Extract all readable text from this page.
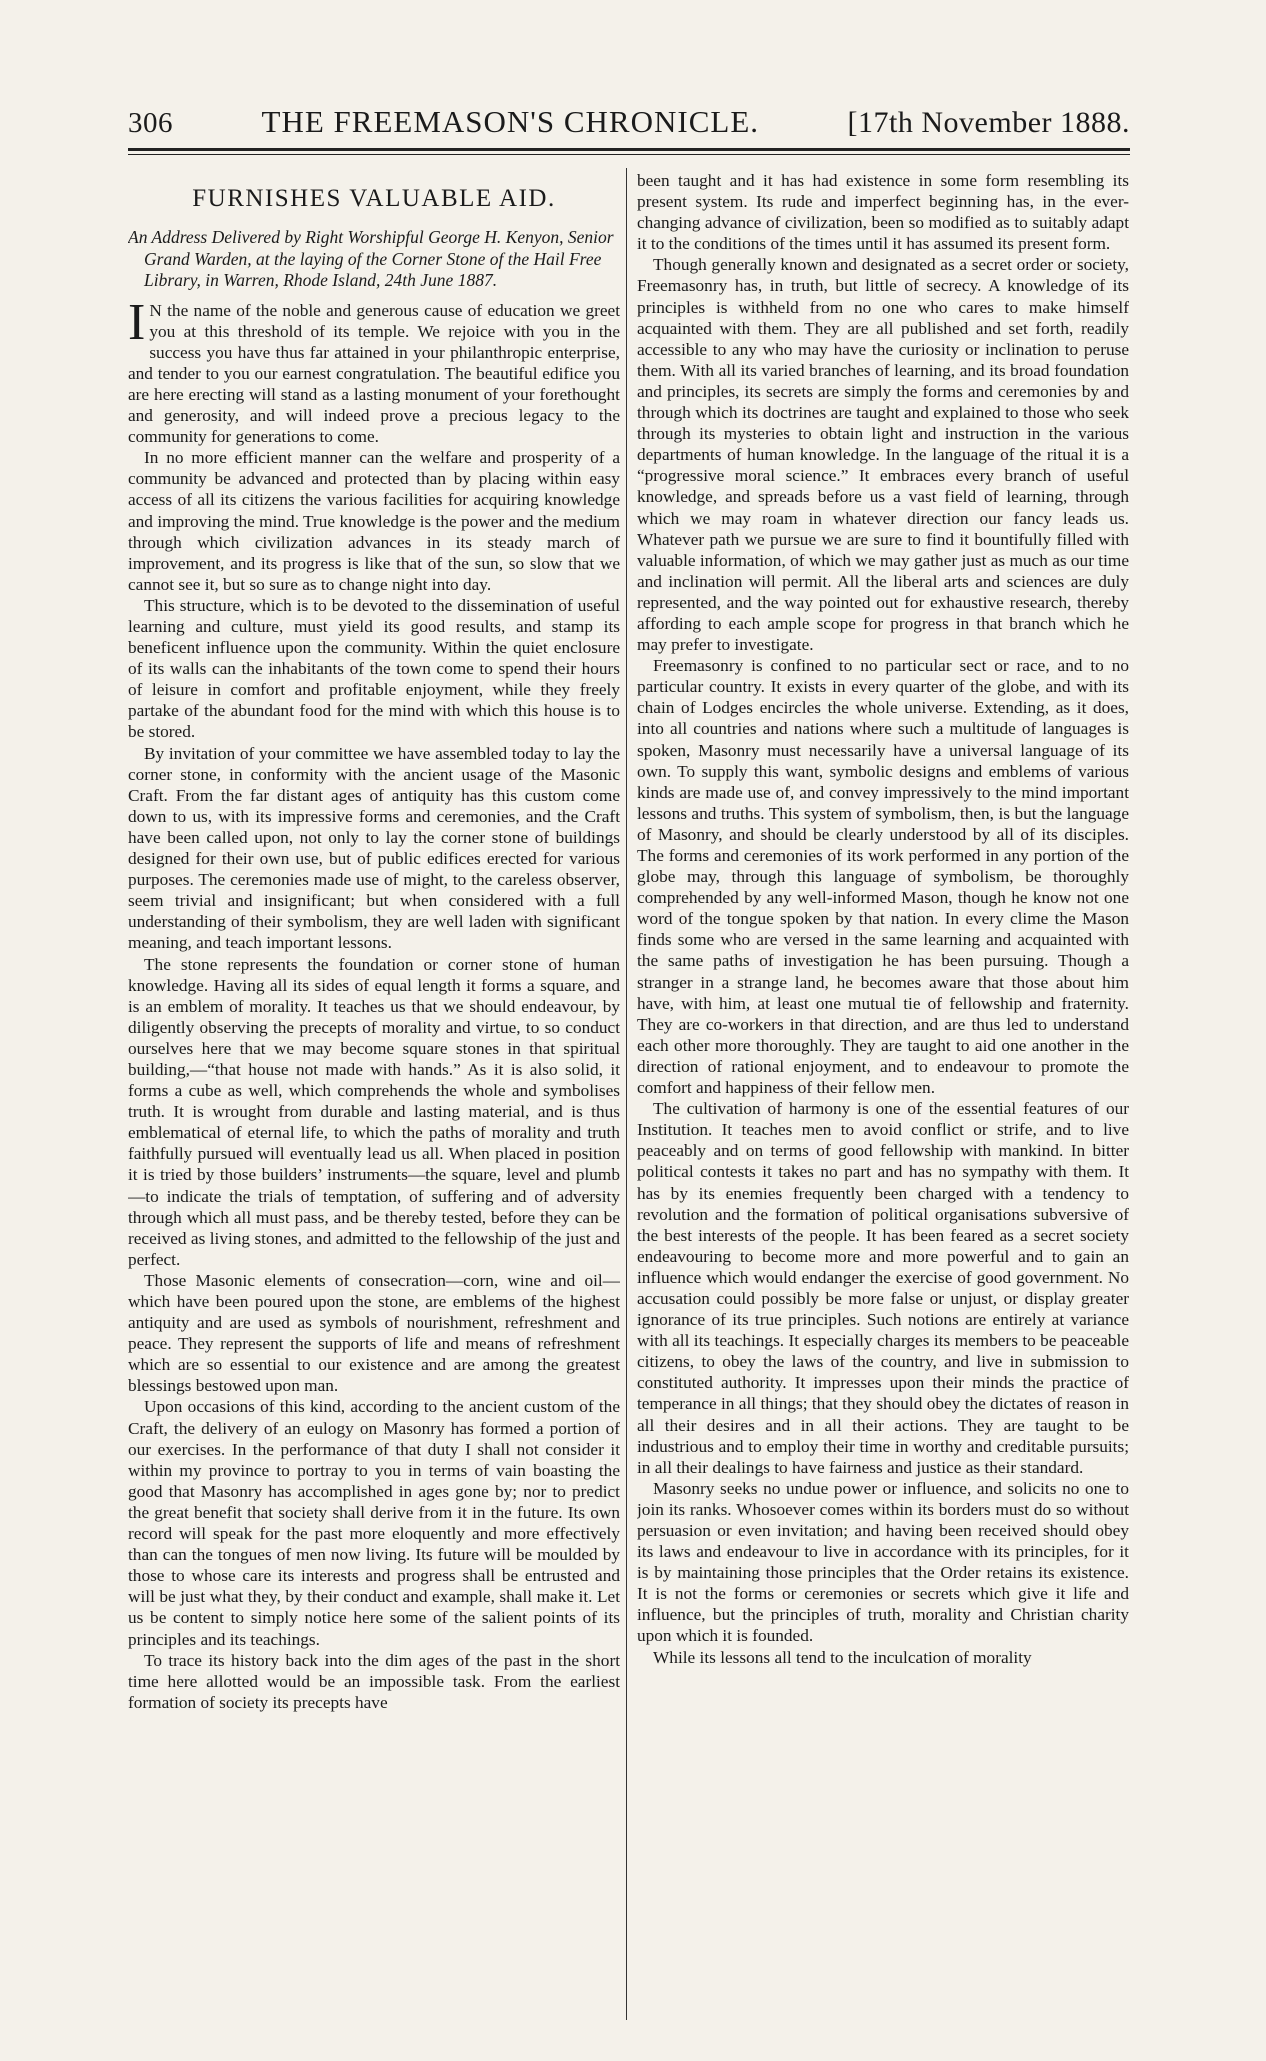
306	THE FREEMASON'S CHRONICLE.	[17th November 1888.
FURNISHES VALUABLE AID.
An Address Delivered by Right Worshipful George H. Kenyon, Senior Grand Warden, at the laying of the Corner Stone of the Hail Free Library, in Warren, Rhode Island, 24th June 1887.

I N the name of the noble and generous cause of education we greet you at this threshold of its temple. We rejoice with you in the success you have thus far attained in your philanthropic enterprise, and tender to you our earnest congratulation. The beautiful edifice you are here erecting will stand as a lasting monument of your forethought and generosity, and will indeed prove a precious legacy to the community for generations to come.

In no more efficient manner can the welfare and prosperity of a community be advanced and protected than by placing within easy access of all its citizens the various facilities for acquiring knowledge and improving the mind. True knowledge is the power and the medium through which civilization advances in its steady march of improvement, and its progress is like that of the sun, so slow that we cannot see it, but so sure as to change night into day.

This structure, which is to be devoted to the dissemination of useful learning and culture, must yield its good results, and stamp its beneficent influence upon the community. Within the quiet enclosure of its walls can the inhabitants of the town come to spend their hours of leisure in comfort and profitable enjoyment, while they freely partake of the abundant food for the mind with which this house is to be stored.

By invitation of your committee we have assembled today to lay the corner stone, in conformity with the ancient usage of the Masonic Craft. From the far distant ages of antiquity has this custom come down to us, with its impressive forms and ceremonies, and the Craft have been called upon, not only to lay the corner stone of buildings designed for their own use, but of public edifices erected for various purposes. The ceremonies made use of might, to the careless observer, seem trivial and insignificant; but when considered with a full understanding of their symbolism, they are well laden with significant meaning, and teach important lessons.

The stone represents the foundation or corner stone of human knowledge. Having all its sides of equal length it forms a square, and is an emblem of morality. It teaches us that we should endeavour, by diligently observing the precepts of morality and virtue, to so conduct ourselves here that we may become square stones in that spiritual building,—“that house not made with hands.” As it is also solid, it forms a cube as well, which comprehends the whole and symbolises truth. It is wrought from durable and lasting material, and is thus emblematical of eternal life, to which the paths of morality and truth faithfully pursued will eventually lead us all. When placed in position it is tried by those builders’ instruments—the square, level and plumb—to indicate the trials of temptation, of suffering and of adversity through which all must pass, and be thereby tested, before they can be received as living stones, and admitted to the fellowship of the just and perfect.

Those Masonic elements of consecration—corn, wine and oil—which have been poured upon the stone, are emblems of the highest antiquity and are used as symbols of nourishment, refreshment and peace. They represent the supports of life and means of refreshment which are so essential to our existence and are among the greatest blessings bestowed upon man.

Upon occasions of this kind, according to the ancient custom of the Craft, the delivery of an eulogy on Masonry has formed a portion of our exercises. In the performance of that duty I shall not consider it within my province to portray to you in terms of vain boasting the good that Masonry has accomplished in ages gone by; nor to predict the great benefit that society shall derive from it in the future. Its own record will speak for the past more eloquently and more effectively than can the tongues of men now living. Its future will be moulded by those to whose care its interests and progress shall be entrusted and will be just what they, by their conduct and example, shall make it. Let us be content to simply notice here some of the salient points of its principles and its teachings.

To trace its history back into the dim ages of the past in the short time here allotted would be an impossible task. From the earliest formation of society its precepts have

been taught and it has had existence in some form resembling its present system. Its rude and imperfect beginning has, in the ever-changing advance of civilization, been so modified as to suitably adapt it to the conditions of the times until it has assumed its present form.

Though generally known and designated as a secret order or society, Freemasonry has, in truth, but little of secrecy. A knowledge of its principles is withheld from no one who cares to make himself acquainted with them. They are all published and set forth, readily accessible to any who may have the curiosity or inclination to peruse them. With all its varied branches of learning, and its broad foundation and principles, its secrets are simply the forms and ceremonies by and through which its doctrines are taught and explained to those who seek through its mysteries to obtain light and instruction in the various departments of human knowledge. In the language of the ritual it is a “progressive moral science.” It embraces every branch of useful knowledge, and spreads before us a vast field of learning, through which we may roam in whatever direction our fancy leads us. Whatever path we pursue we are sure to find it bountifully filled with valuable information, of which we may gather just as much as our time and inclination will permit. All the liberal arts and sciences are duly represented, and the way pointed out for exhaustive research, thereby affording to each ample scope for progress in that branch which he may prefer to investigate.

Freemasonry is confined to no particular sect or race, and to no particular country. It exists in every quarter of the globe, and with its chain of Lodges encircles the whole universe. Extending, as it does, into all countries and nations where such a multitude of languages is spoken, Masonry must necessarily have a universal language of its own. To supply this want, symbolic designs and emblems of various kinds are made use of, and convey impressively to the mind important lessons and truths. This system of symbolism, then, is but the language of Masonry, and should be clearly understood by all of its disciples. The forms and ceremonies of its work performed in any portion of the globe may, through this language of symbolism, be thoroughly comprehended by any well-informed Mason, though he know not one word of the tongue spoken by that nation. In every clime the Mason finds some who are versed in the same learning and acquainted with the same paths of investigation he has been pursuing. Though a stranger in a strange land, he becomes aware that those about him have, with him, at least one mutual tie of fellowship and fraternity. They are co-workers in that direction, and are thus led to understand each other more thoroughly. They are taught to aid one another in the direction of rational enjoyment, and to endeavour to promote the comfort and happiness of their fellow men.

The cultivation of harmony is one of the essential features of our Institution. It teaches men to avoid conflict or strife, and to live peaceably and on terms of good fellowship with mankind. In bitter political contests it takes no part and has no sympathy with them. It has by its enemies frequently been charged with a tendency to revolution and the formation of political organisations subversive of the best interests of the people. It has been feared as a secret society endeavouring to become more and more powerful and to gain an influence which would endanger the exercise of good government. No accusation could possibly be more false or unjust, or display greater ignorance of its true principles. Such notions are entirely at variance with all its teachings. It especially charges its members to be peaceable citizens, to obey the laws of the country, and live in submission to constituted authority. It impresses upon their minds the practice of temperance in all things; that they should obey the dictates of reason in all their desires and in all their actions. They are taught to be industrious and to employ their time in worthy and creditable pursuits; in all their dealings to have fairness and justice as their standard.

Masonry seeks no undue power or influence, and solicits no one to join its ranks. Whosoever comes within its borders must do so without persuasion or even invitation; and having been received should obey its laws and endeavour to live in accordance with its principles, for it is by maintaining those principles that the Order retains its existence. It is not the forms or ceremonies or secrets which give it life and influence, but the principles of truth, morality and Christian charity upon which it is founded.

While its lessons all tend to the inculcation of morality
